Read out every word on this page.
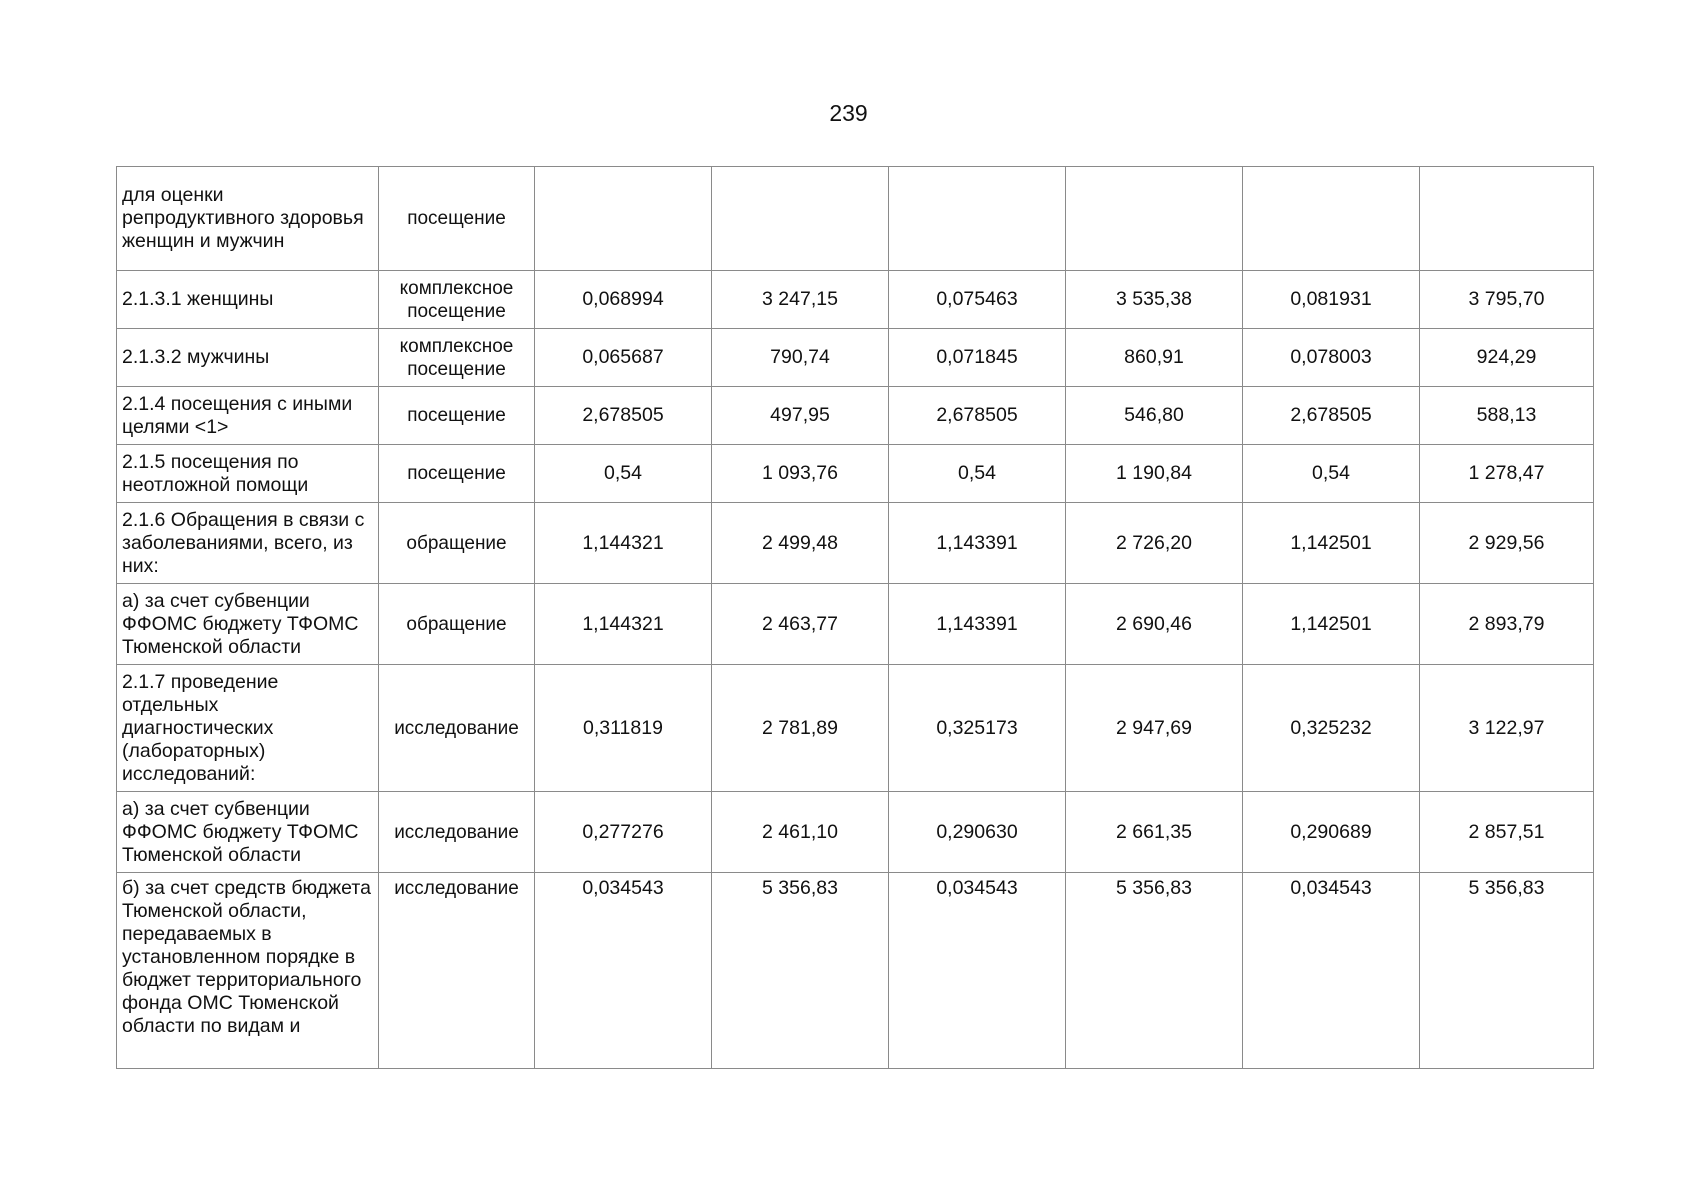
239
для оценки репродуктивного здоровья женщин и мужчин	посещение						
2.1.3.1 женщины	комплексное посещение	0,068994	3 247,15	0,075463	3 535,38	0,081931	3 795,70
2.1.3.2 мужчины	комплексное посещение	0,065687	790,74	0,071845	860,91	0,078003	924,29
2.1.4 посещения с иными целями <1>	посещение	2,678505	497,95	2,678505	546,80	2,678505	588,13
2.1.5 посещения по неотложной помощи	посещение	0,54	1 093,76	0,54	1 190,84	0,54	1 278,47
2.1.6 Обращения в связи с заболеваниями, всего, из них:	обращение	1,144321	2 499,48	1,143391	2 726,20	1,142501	2 929,56
а) за счет субвенции ФФОМС бюджету ТФОМС Тюменской области	обращение	1,144321	2 463,77	1,143391	2 690,46	1,142501	2 893,79
2.1.7 проведение отдельных диагностических (лабораторных) исследований:	исследование	0,311819	2 781,89	0,325173	2 947,69	0,325232	3 122,97
а) за счет субвенции ФФОМС бюджету ТФОМС Тюменской области	исследование	0,277276	2 461,10	0,290630	2 661,35	0,290689	2 857,51
б) за счет средств бюджета Тюменской области, передаваемых в установленном порядке в бюджет территориального фонда ОМС Тюменской области по видам и	исследование	0,034543	5 356,83	0,034543	5 356,83	0,034543	5 356,83
